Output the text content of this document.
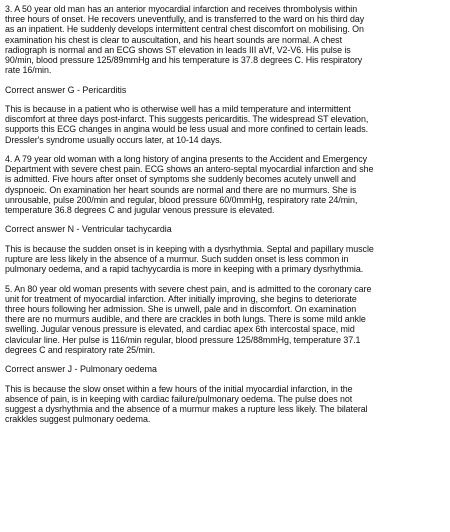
3. A 50 year old man has an anterior myocardial infarction and receives thrombolysis within
three hours of onset. He recovers uneventfully, and is transferred to the ward on his third day
as an inpatient. He suddenly develops intermittent central chest discomfort on mobilising. On
examination his chest is clear to auscultation, and his heart sounds are normal. A chest
radiograph is normal and an ECG shows ST elevation in leads III aVf, V2-V6. His pulse is
90/min, blood pressure 125/89mmHg and his temperature is 37.8 degrees C. His respiratory
rate 16/min.

Correct answer G - Pericarditis

This is because in a patient who is otherwise well has a mild temperature and intermittent
discomfort at three days post-infarct. This suggests pericarditis. The widespread ST elevation,
supports this ECG changes in angina would be less usual and more confined to certain leads.
Dressler's syndrome usually occurs later, at 10-14 days.

4. A 79 year old woman with a long history of angina presents to the Accident and Emergency
Department with severe chest pain. ECG shows an antero-septal myocardial infarction and she
is admitted. Five hours after onset of symptoms she suddenly becomes acutely unwell and
dyspnoeic. On examination her heart sounds are normal and there are no murmurs. She is
unrousable, pulse 200/min and regular, blood pressure 60/0mmHg, respiratory rate 24/min,
temperature 36.8 degrees C and jugular venous pressure is elevated.

Correct answer N - Ventricular tachycardia

This is because the sudden onset is in keeping with a dysrhythmia. Septal and papillary muscle
rupture are less likely in the absence of a murmur. Such sudden onset is less common in
pulmonary oedema, and a rapid tachyycardia is more in keeping with a primary dysrhythmia.

5. An 80 year old woman presents with severe chest pain, and is admitted to the coronary care
unit for treatment of myocardial infarction. After initially improving, she begins to deteriorate
three hours following her admission. She is unwell, pale and in discomfort. On examination
there are no murmurs audible, and there are crackles in both lungs. There is some mild ankle
swelling. Jugular venous pressure is elevated, and cardiac apex 6th intercostal space, mid
clavicular line. Her pulse is 116/min regular, blood pressure 125/88mmHg, temperature 37.1
degrees C and respiratory rate 25/min.

Correct answer J - Pulmonary oedema

This is because the slow onset within a few hours of the initial myocardial infarction, in the
absence of pain, is in keeping with cardiac failure/pulmonary oedema. The pulse does not
suggest a dysrhythmia and the absence of a murmur makes a rupture less likely. The bilateral
crakkles suggest pulmonary oedema.
